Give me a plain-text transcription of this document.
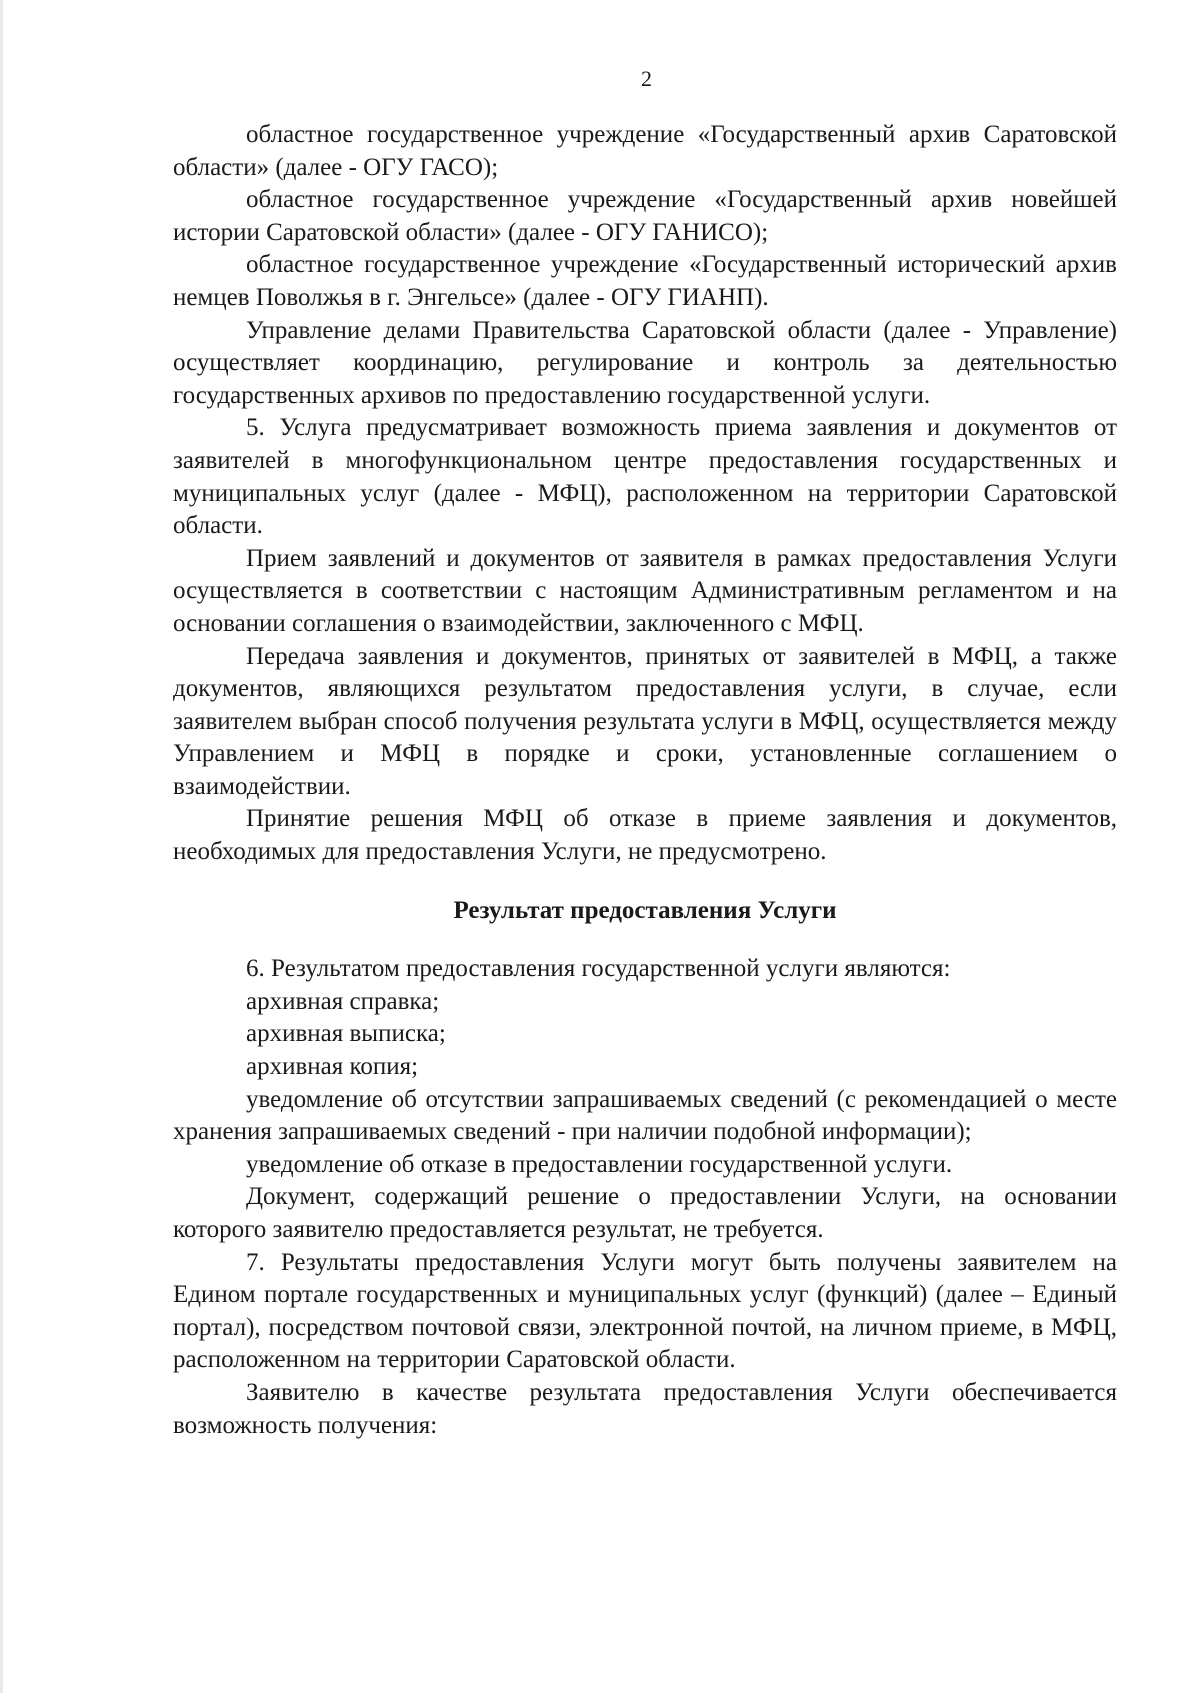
2

областное государственное учреждение «Государственный архив Саратовской области» (далее - ОГУ ГАСО);

областное государственное учреждение «Государственный архив новейшей истории Саратовской области» (далее - ОГУ ГАНИСО);

областное государственное учреждение «Государственный исторический архив немцев Поволжья в г. Энгельсе» (далее - ОГУ ГИАНП).

Управление делами Правительства Саратовской области (далее - Управление) осуществляет координацию, регулирование и контроль за деятельностью государственных архивов по предоставлению государственной услуги.

5. Услуга предусматривает возможность приема заявления и документов от заявителей в многофункциональном центре предоставления государственных и муниципальных услуг (далее - МФЦ), расположенном на территории Саратовской области.

Прием заявлений и документов от заявителя в рамках предоставления Услуги осуществляется в соответствии с настоящим Административным регламентом и на основании соглашения о взаимодействии, заключенного с МФЦ.

Передача заявления и документов, принятых от заявителей в МФЦ, а также документов, являющихся результатом предоставления услуги, в случае, если заявителем выбран способ получения результата услуги в МФЦ, осуществляется между Управлением и МФЦ в порядке и сроки, установленные соглашением о взаимодействии.

Принятие решения МФЦ об отказе в приеме заявления и документов, необходимых для предоставления Услуги, не предусмотрено.

Результат предоставления Услуги

6. Результатом предоставления государственной услуги являются:

архивная справка;

архивная выписка;

архивная копия;

уведомление об отсутствии запрашиваемых сведений (с рекомендацией о месте хранения запрашиваемых сведений - при наличии подобной информации);

уведомление об отказе в предоставлении государственной услуги.

Документ, содержащий решение о предоставлении Услуги, на основании которого заявителю предоставляется результат, не требуется.

7. Результаты предоставления Услуги могут быть получены заявителем на Едином портале государственных и муниципальных услуг (функций) (далее – Единый портал), посредством почтовой связи, электронной почтой, на личном приеме, в МФЦ, расположенном на территории Саратовской области.

Заявителю в качестве результата предоставления Услуги обеспечивается возможность получения:
